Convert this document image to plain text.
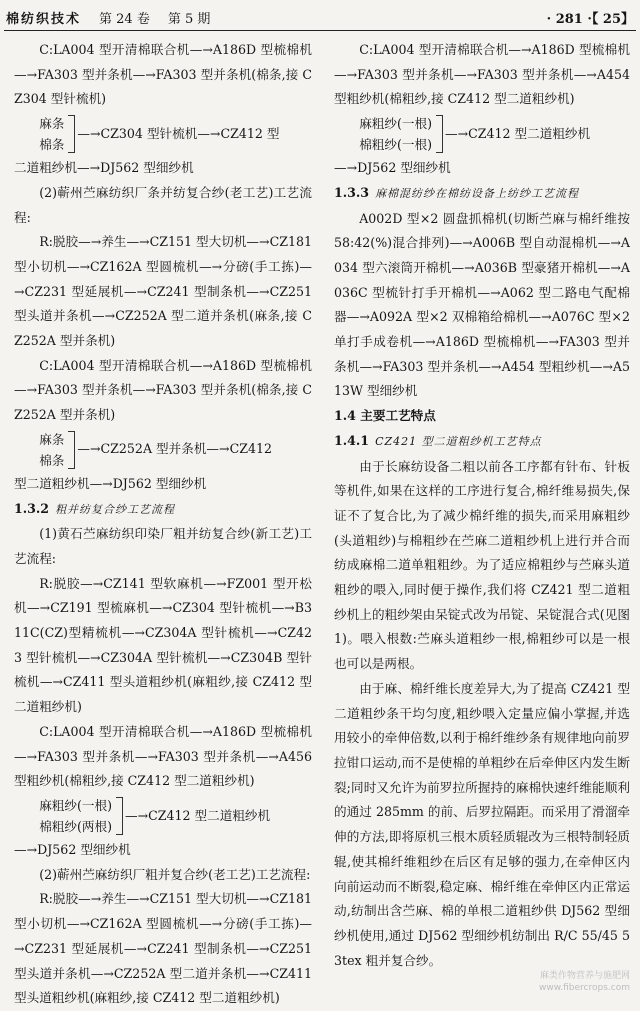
棉纺织技术 第 24 卷 第 5 期	· 281 ·【 25】

C:LA004 型开清棉联合机—→A186D 型梳棉机—→FA303 型并条机—→FA303 型并条机(棉条,接 CZ304 型针梳机)

麻条
棉条
—→CZ304 型针梳机—→CZ412 型

二道粗纱机—→DJ562 型细纱机

(2)蕲州苎麻纺织厂条并纺复合纱(老工艺)工艺流程:

R:脱胶—→养生—→CZ151 型大切机—→CZ181 型小切机—→CZ162A 型圆梳机—→分磅(手工拣)—→CZ231 型延展机—→CZ241 型制条机—→CZ251 型头道并条机—→CZ252A 型二道并条机(麻条,接 CZ252A 型并条机)

C:LA004 型开清棉联合机—→A186D 型梳棉机—→FA303 型并条机—→FA303 型并条机(棉条,接 CZ252A 型并条机)

麻条
棉条
—→CZ252A 型并条机—→CZ412

型二道粗纱机—→DJ562 型细纱机

1.3.2 粗并纺复合纱工艺流程

(1)黄石苎麻纺织印染厂粗并纺复合纱(新工艺)工艺流程:

R:脱胶—→CZ141 型软麻机—→FZ001 型开松机—→CZ191 型梳麻机—→CZ304 型针梳机—→B311C(CZ)型精梳机—→CZ304A 型针梳机—→CZ423 型针梳机—→CZ304A 型针梳机—→CZ304B 型针梳机—→CZ411 型头道粗纱机(麻粗纱,接 CZ412 型二道粗纱机)

C:LA004 型开清棉联合机—→A186D 型梳棉机—→FA303 型并条机—→FA303 型并条机—→A456 型粗纱机(棉粗纱,接 CZ412 型二道粗纱机)

麻粗纱(一根)
棉粗纱(两根)
—→CZ412 型二道粗纱机

—→DJ562 型细纱机

(2)蕲州苎麻纺织厂粗并复合纱(老工艺)工艺流程:

R:脱胶—→养生—→CZ151 型大切机—→CZ181 型小切机—→CZ162A 型圆梳机—→分磅(手工拣)—→CZ231 型延展机—→CZ241 型制条机—→CZ251 型头道并条机—→CZ252A 型二道并条机—→CZ411 型头道粗纱机(麻粗纱,接 CZ412 型二道粗纱机)

C:LA004 型开清棉联合机—→A186D 型梳棉机—→FA303 型并条机—→FA303 型并条机—→A454 型粗纱机(棉粗纱,接 CZ412 型二道粗纱机)

麻粗纱(一根)
棉粗纱(一根)
—→CZ412 型二道粗纱机

—→DJ562 型细纱机

1.3.3 麻棉混纺纱在棉纺设备上纺纱工艺流程

A002D 型×2 圆盘抓棉机(切断苎麻与棉纤维按 58:42(%)混合排列)—→A006B 型自动混棉机—→A034 型六滚筒开棉机—→A036B 型豪猪开棉机—→A036C 型梳针打手开棉机—→A062 型二路电气配棉器—→A092A 型×2 双棉箱给棉机—→A076C 型×2 单打手成卷机—→A186D 型梳棉机—→FA303 型并条机—→FA303 型并条机—→A454 型粗纱机—→A513W 型细纱机

1.4 主要工艺特点

1.4.1 CZ421 型二道粗纱机工艺特点

由于长麻纺设备二粗以前各工序都有针布、针板等机件,如果在这样的工序进行复合,棉纤维易损失,保证不了复合比,为了减少棉纤维的损失,而采用麻粗纱(头道粗纱)与棉粗纱在苎麻二道粗纱机上进行并合而纺成麻棉二道单粗粗纱。为了适应棉粗纱与苎麻头道粗纱的喂入,同时便于操作,我们将 CZ421 型二道粗纱机上的粗纱架由呆锭式改为吊锭、呆锭混合式(见图 1)。喂入根数:苎麻头道粗纱一根,棉粗纱可以是一根也可以是两根。

由于麻、棉纤维长度差异大,为了提高 CZ421 型二道粗纱条干均匀度,粗纱喂入定量应偏小掌握,并选用较小的牵伸倍数,以利于棉纤维纱条有规律地向前罗拉钳口运动,而不是使棉的单粗纱在后牵伸区内发生断裂;同时又允许为前罗拉所握持的麻棉快速纤维能顺利的通过 285mm 的前、后罗拉隔距。而采用了滑溜牵伸的方法,即将原机三根木质轻质辊改为三根特制轻质辊,使其棉纤维粗纱在后区有足够的强力,在牵伸区内向前运动而不断裂,稳定麻、棉纤维在牵伸区内正常运动,纺制出含苎麻、棉的单根二道粗纱供 DJ562 型细纱机使用,通过 DJ562 型细纱机纺制出 R/C 55/45 53tex 粗并复合纱。

麻类作物营养与施肥网
www.fibercrops.com
